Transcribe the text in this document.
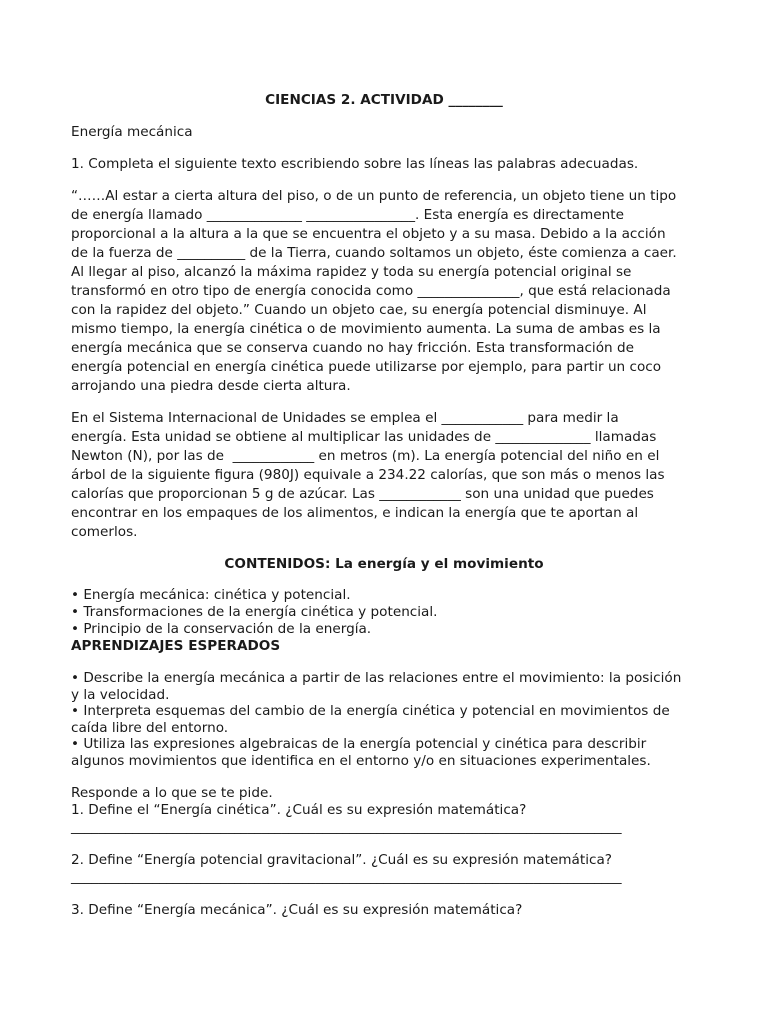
CIENCIAS 2. ACTIVIDAD ________

Energía mecánica

1. Completa el siguiente texto escribiendo sobre las líneas las palabras adecuadas.

“……Al estar a cierta altura del piso, o de un punto de referencia, un objeto tiene un tipo

de energía llamado ______________ ________________. Esta energía es directamente

proporcional a la altura a la que se encuentra el objeto y a su masa. Debido a la acción

de la fuerza de __________ de la Tierra, cuando soltamos un objeto, éste comienza a caer.

Al llegar al piso, alcanzó la máxima rapidez y toda su energía potencial original se

transformó en otro tipo de energía conocida como _______________, que está relacionada

con la rapidez del objeto.” Cuando un objeto cae, su energía potencial disminuye. Al

mismo tiempo, la energía cinética o de movimiento aumenta. La suma de ambas es la

energía mecánica que se conserva cuando no hay fricción. Esta transformación de

energía potencial en energía cinética puede utilizarse por ejemplo, para partir un coco

arrojando una piedra desde cierta altura.

En el Sistema Internacional de Unidades se emplea el ____________ para medir la

energía. Esta unidad se obtiene al multiplicar las unidades de ______________ llamadas

Newton (N), por las de  ____________ en metros (m). La energía potencial del niño en el

árbol de la siguiente figura (980J) equivale a 234.22 calorías, que son más o menos las

calorías que proporcionan 5 g de azúcar. Las ____________ son una unidad que puedes

encontrar en los empaques de los alimentos, e indican la energía que te aportan al

comerlos.

CONTENIDOS: La energía y el movimiento

• Energía mecánica: cinética y potencial.
• Transformaciones de la energía cinética y potencial.
• Principio de la conservación de la energía.

APRENDIZAJES ESPERADOS

• Describe la energía mecánica a partir de las relaciones entre el movimiento: la posición
y la velocidad.
• Interpreta esquemas del cambio de la energía cinética y potencial en movimientos de
caída libre del entorno.
• Utiliza las expresiones algebraicas de la energía potencial y cinética para describir
algunos movimientos que identifica en el entorno y/o en situaciones experimentales.

Responde a lo que se te pide.

1. Define el “Energía cinética”. ¿Cuál es su expresión matemática?

_________________________________________________________________________________

2. Define “Energía potencial gravitacional”. ¿Cuál es su expresión matemática?

_________________________________________________________________________________

3. Define “Energía mecánica”. ¿Cuál es su expresión matemática?
